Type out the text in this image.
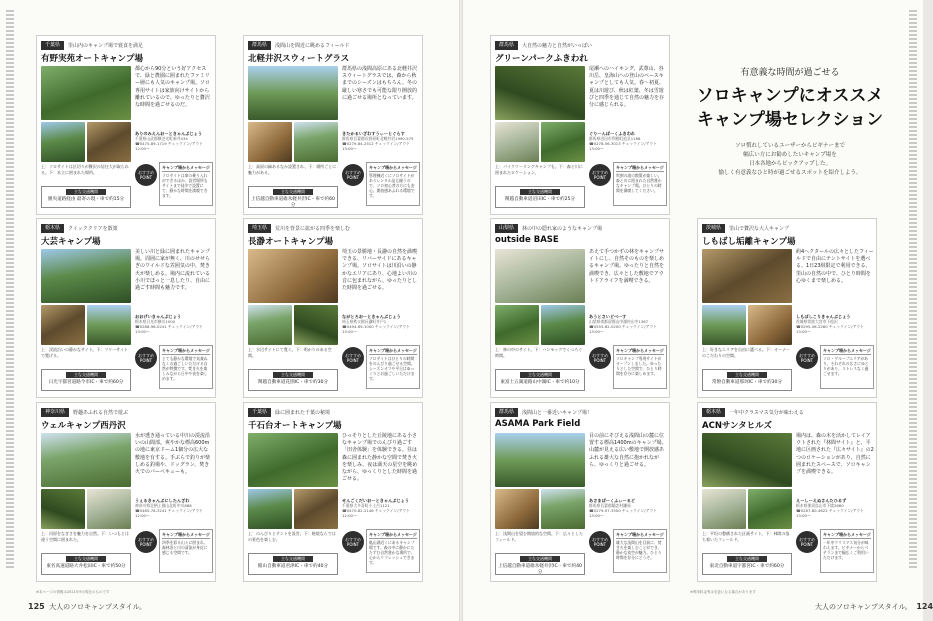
有意義な時間が過ごせる
ソロキャンプにオススメ
キャンプ場セレクション
ソロ慣れしているユーザーからビギナーまで
幅広い方にお勧めしたいキャンプ場を
日本各地からピックアップした。
愉しく有意義なひと時が過ごせるスポットを紹介しよう。
千葉県	里山内のキャンプ場で寝食を満足
有野実苑オートキャンプ場
上：ソロサイトは区切りが贅沢の居住大が取られる。下：木立に囲まれた場所。
都心から90分という好アクセスで、緑と農園に囲まれたファミリー層にも人気のキャンプ場。ソロ専用サイトは家族向けサイトから離れているので、ゆったりと贅沢な時間を過ごせるのだ。
ありのみえんおーときゃんぷじょう
千葉県山武郡横芝光町新井434
☎0475-89-1719 チェックイン/アウト 12:00〜
おすすめ
POINT
キャンプ場からメッセージ
ソロサイトは車の乗り入れができるほか、設営場所もサイトまで徒歩で設置にて、静かな時間を満喫できます。
主な交通機関
圏央道路経由 最寄の現・車で約15分
群馬県	浅間山を間近に眺めるフィールド
北軽井沢スウィートグラス
上：高原の緑あるなか設置され、下：場所ごとに魅力がある。
群馬県の浅間高原にある北軽井沢スウィートグラスでは、森から秋までのシーズンはもちろん、冬の厳しい寒さでも可能な限り開放的に過ごせる場所となっています。
きたかるいざわすうぃーとぐらす
群馬県吾妻郡長野原町北軽井沢1990-579
☎0279-84-2512 チェックイン/アウト 13:00〜
おすすめ
POINT
キャンプ場からメッセージ
管理棟近くにソロサイトがありレンタル品も揃うので、ソロ初心者の方にも安心。開放感あふれる環境です。
主な交通機関
上信越自動車道碓氷軽井沢IC・車で約60分
群馬県	大自然の魅力と自然がいっぱい
グリーンパークふきわれ
上：バイクツーリングキャンプも。下：森と川に囲まれたロケーション。
尾瀬へのハイキング、武尊山、谷川岳、皇海山への登山のベースキャンプとしても人気。春〜初夏、夏は川遊び、秋は紅葉、冬は雪遊びと四季を通じて自然の魅力を存分に感じられる。
ぐりーんぱーくふきわれ
群馬県沼田市利根町追貝1168
☎0278-56-3013 チェックイン/アウト 13:00〜
おすすめ
POINT
キャンプ場からメッセージ
吹割の滝の散策が楽しい。森と川に囲まれた自然豊かなキャンプ場。ひとりの時間を満喫してください。
主な交通機関
関越自動車道沼田IC・車で約25分
栃木県	クイッククリアを散策
大芸キャンプ場
上：渓流沿いの静かなサイト。下：フリーサイトで寛げる。
美しい川と緑に囲まれたキャンプ場。周囲に家が無く、川のせせらぎのワイルドな雰囲気の中、焚き火が楽しめる。場内に流れている小川でほっと一息したり、自由に過ごす時間も魅力です。
おおげいきゃんぷじょう
栃木県日光市横川1000
☎0288-96-0241 チェックイン/アウト 13:00〜
おすすめ
POINT
キャンプ場からメッセージ
とても静かな環境で気兼ねなくお過ごしいただける自然が特徴です。焚き火を楽しみながら日中や夜を楽しめます。
主な交通機関
日光宇都宮道路今市IC・車で約60分
埼玉県	荒川を背景に拡がる四季を楽しむ
長瀞オートキャンプ場
上：水辺サイトにて寛ぐ。下：明かりのある空間。
埼玉の景勝地・長瀞の自然を満喫できる、リバーサイドにあるキャンプ場。ソロサイトは川沿いの静かなエリアにあり、心地よい川の音に包まれながら、ゆったりとした時間を過ごせる。
ながとろおーときゃんぷじょう
埼玉県秩父郡長瀞町井戸1
☎0494-69-1000 チェックイン/アウト 13:00〜
おすすめ
POINT
キャンプ場からメッセージ
ソロサイトはひとりの時間をのんびり過ごせる空間。シーズンオフや平日はゆっくりとお過ごしいただけます。
主な交通機関
関越自動車道花園IC・車で約30分
山梨県	林の中の隠れ家のようなキャンプ場
outside BASE
上：林の中のサイト。下：ハンモックでくつろぐ時間。
あえて手つかずの林をキャンプサイトにし、自然そのものを楽しめるキャンプ場。ゆったりと自然を満喫でき、広々とした敷地でアウトドアライフを満喫できる。
あうとさいどべーす
山梨県南都留郡山中湖村山中1367
☎0555-62-0200 チェックイン/アウト 13:00〜
おすすめ
POINT
キャンプ場からメッセージ
ソロキャンプ専用サイトがオープンしました。ゆったりとした空間で、ひとり時間を存分に楽しめます。
主な交通機関
東富士五湖道路山中湖IC・車で約10分
茨城県	里山で贅沢な大人キャンプ
しもばし垢離キャンプ場
上：好きなエリアを自由に選べる。下：オーナーのこだわりの空間。
約4ヘクタールの広々としたフィールドで自由にテントサイトを選べる。1日23組限定で利用できる、里山の自然の中で、ひとり時間を心ゆくまで楽しめる。
しもばしこりきゃんぷじょう
茨城県常陸大宮市下桧沢
☎0295-58-2280 チェックイン/アウト 13:00〜
おすすめ
POINT
キャンプ場からメッセージ
ソロ・グループエリアがあり、それぞれの広さにゆとりがあり、ストレスなく過ごせます。
主な交通機関
常磐自動車道那珂IC・車で約30分
神奈川県	野趣あふれる自然で遊ぶ
ウェルキャンプ西丹沢
上：河原をなぎさを魅力を自然。下：いつもとは違う空間に囲まれた。
水が透き通っている中川の渓流沿いの山間部。爽やかな標高600mの地に東京ドーム1個分の広大な敷地を有する。手ぶらで釣りが楽しめる釣場や、ドッグラン、焚き火でのバーベキューも。
うぇるきゃんぷにしたんざわ
神奈川県足柄上郡山北町中川868
☎0465-78-3241 チェックイン/アウト 12:00〜
おすすめ
POINT
キャンプ場からメッセージ
四季を彩る山々に囲まれ、森林浴と川の清流が身近に感じる空間です。
主な交通機関
東名高速道路大井松田IC・車で約50分
千葉県	緑に囲まれた千葉の秘境
千石台オートキャンプ場
上：のんびりとテントを設営。下：秘境ならではの景色を楽しむ。
ひっそりとした丘陵地にある小さなキャンプ場でのんびり過ごす「田舎体験」を体験できる。昼は森に囲まれた静かな空間で焚き火を楽しみ、夜は満天の星空を眺めながら、ゆっくりとした時間を過ごせる。
せんごくだいおーときゃんぷじょう
千葉県大多喜町小土呂1121
☎0470-82-2148 チェックイン/アウト 12:00〜
おすすめ
POINT
キャンプ場からメッセージ
亀山湖近くにあるキャンプ場です。森の中に静かにたたずむ自然豊かな場所で、心からリフレッシュできます。
主な交通機関
館山自動車道君津IC・車で約40分
群馬県	浅間山と一番近いキャンプ場！
ASAMA Park Field
上：浅間山を望む開放的な空間。下：広々としたフィールド。
目の前にそびえる浅間山の麓に位置する標高1400mのキャンプ場。山麓が見える広い敷地で開放感あふれる雄大な自然に抱かれながら、ゆっくりと過ごせる。
あさまぱーくふぃーるど
群馬県吾妻郡嬬恋村鎌原
☎0279-97-3500 チェックイン/アウト 13:00〜
おすすめ
POINT
キャンプ場からメッセージ
雄大な浅間山を目前に、焚き火を楽しむことができ、静かな夜空が魅力。ひとり時間を存分にどうぞ。
主な交通機関
上信越自動車道碓氷軽井沢IC・車で約40分
栃木県	一年中クラスマス気分が味わえる
ACNサンタヒルズ
上：平坦の整備された区画サイト。下：林間の落ち着いたフィールド。
場内は、森の木を活かしてレイアウトされた『林間サイト』と、平地に区画された『広々サイト』の2つのロケーションがあり、自然に囲まれたスペースで、ソロキャンプを満喫できる。
えーしーえぬさんたひるず
栃木県那須烏山市下境2680
☎0287-80-4622 チェックイン/アウト 13:00〜
おすすめ
POINT
キャンプ場からメッセージ
一年中クリスマス気分が味わえます。ビギナーからベテランまで幅広くご利用いただけます。
主な交通機関
東北自動車道宇都宮IC・車で約60分
※本ページの情報は2021年9月現在のものです	※利用料金等は変更になる場合があります
125 大人のソロキャンプスタイル。	大人のソロキャンプスタイル。 124
